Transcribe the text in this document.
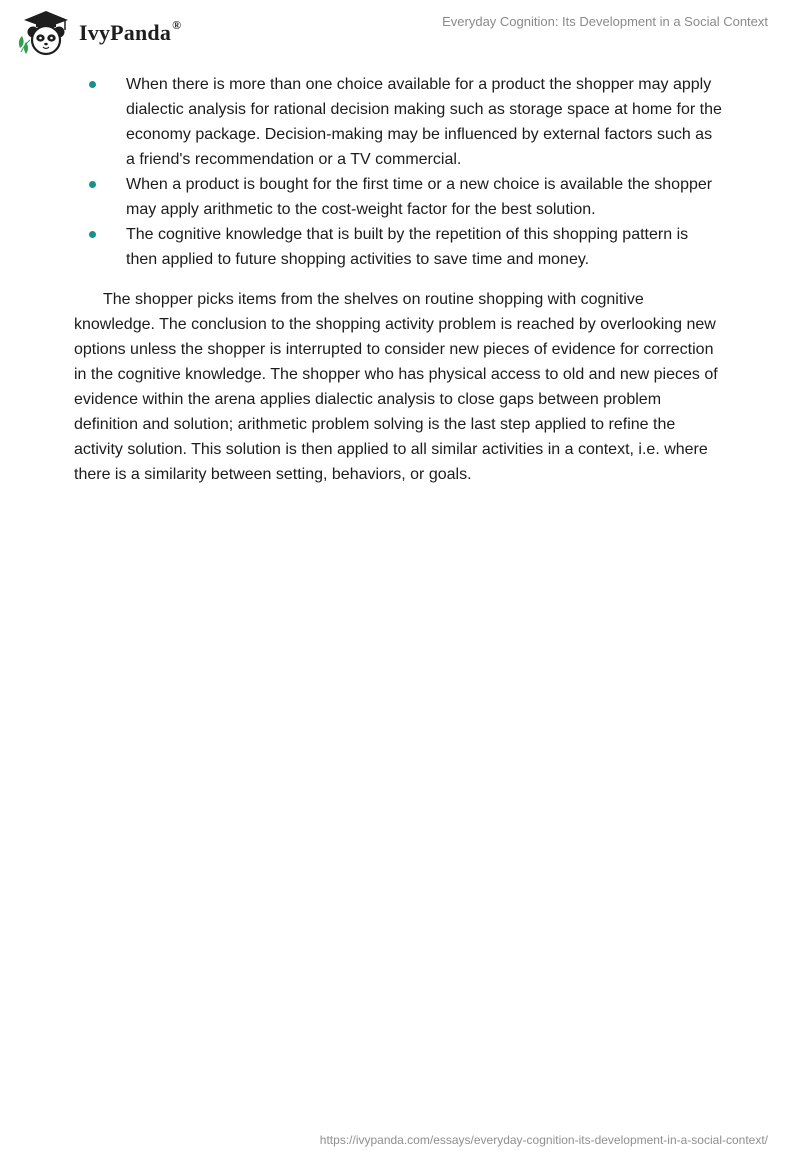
IvyPanda®	Everyday Cognition: Its Development in a Social Context
When there is more than one choice available for a product the shopper may apply dialectic analysis for rational decision making such as storage space at home for the economy package. Decision-making may be influenced by external factors such as a friend's recommendation or a TV commercial.
When a product is bought for the first time or a new choice is available the shopper may apply arithmetic to the cost-weight factor for the best solution.
The cognitive knowledge that is built by the repetition of this shopping pattern is then applied to future shopping activities to save time and money.

The shopper picks items from the shelves on routine shopping with cognitive knowledge. The conclusion to the shopping activity problem is reached by overlooking new options unless the shopper is interrupted to consider new pieces of evidence for correction in the cognitive knowledge. The shopper who has physical access to old and new pieces of evidence within the arena applies dialectic analysis to close gaps between problem definition and solution; arithmetic problem solving is the last step applied to refine the activity solution. This solution is then applied to all similar activities in a context, i.e. where there is a similarity between setting, behaviors, or goals.

https://ivypanda.com/essays/everyday-cognition-its-development-in-a-social-context/
